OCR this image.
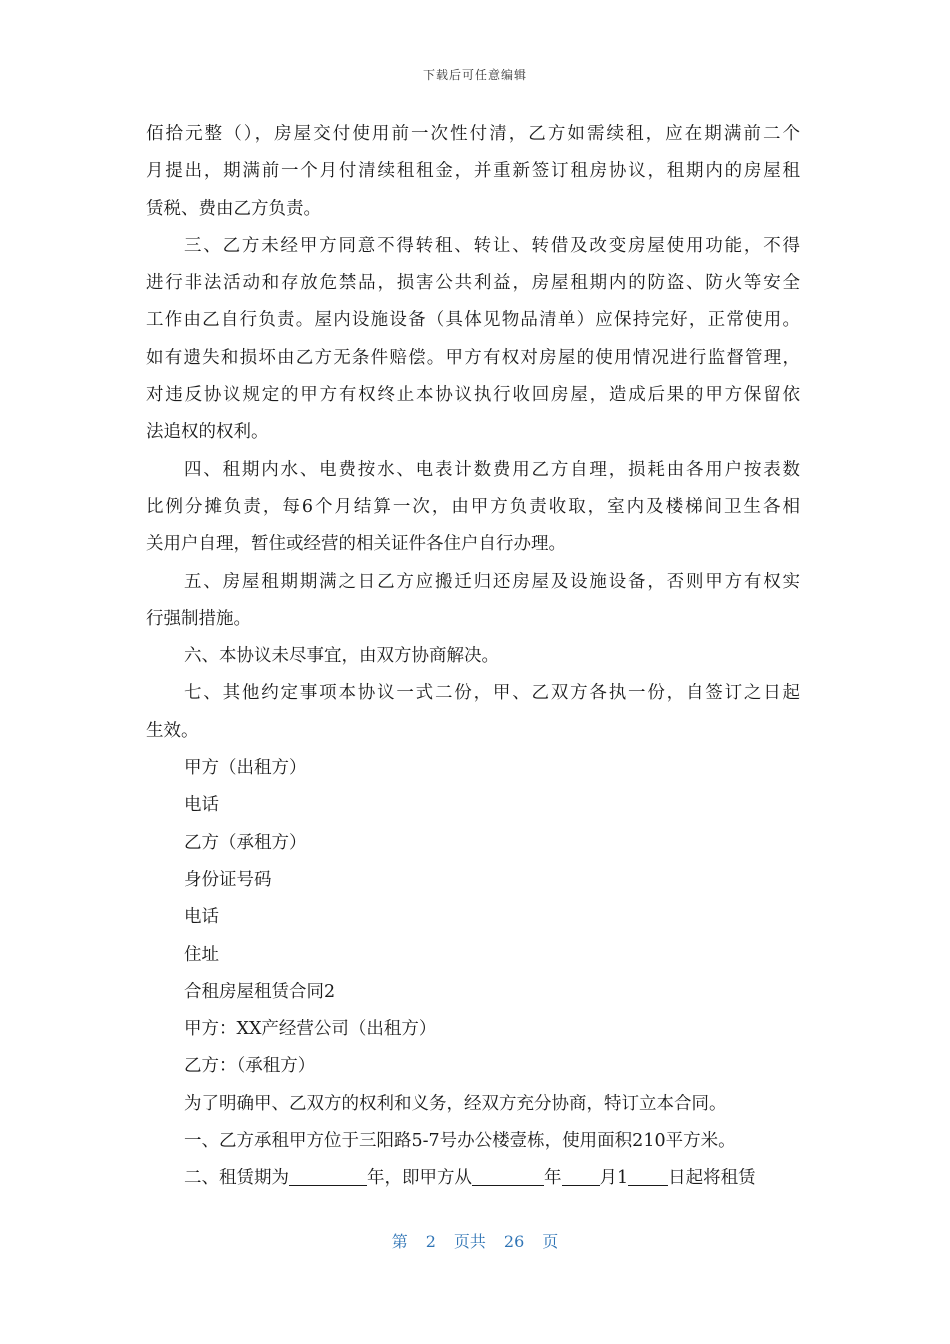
下载后可任意编辑
佰拾元整（），房屋交付使用前一次性付清，乙方如需续租，应在期满前二个
月提出，期满前一个月付清续租租金，并重新签订租房协议，租期内的房屋租
赁税、费由乙方负责。
三、乙方未经甲方同意不得转租、转让、转借及改变房屋使用功能，不得
进行非法活动和存放危禁品，损害公共利益，房屋租期内的防盗、防火等安全
工作由乙自行负责。屋内设施设备（具体见物品清单）应保持完好，正常使用。
如有遗失和损坏由乙方无条件赔偿。甲方有权对房屋的使用情况进行监督管理，
对违反协议规定的甲方有权终止本协议执行收回房屋，造成后果的甲方保留依
法追权的权利。
四、租期内水、电费按水、电表计数费用乙方自理，损耗由各用户按表数
比例分摊负责，每6个月结算一次，由甲方负责收取，室内及楼梯间卫生各相
关用户自理，暂住或经营的相关证件各住户自行办理。
五、房屋租期期满之日乙方应搬迁归还房屋及设施设备，否则甲方有权实
行强制措施。
六、本协议未尽事宜，由双方协商解决。
七、其他约定事项本协议一式二份，甲、乙双方各执一份，自签订之日起
生效。
甲方（出租方）
电话
乙方（承租方）
身份证号码
电话
住址
合租房屋租赁合同2
甲方：XX产经营公司（出租方）
乙方：（承租方）
为了明确甲、乙双方的权利和义务，经双方充分协商，特订立本合同。
一、乙方承租甲方位于三阳路5-7号办公楼壹栋，使用面积210平方米。
二、租赁期为	年，即甲方从	年 月1 日起将租赁
第 2 页共 26 页
